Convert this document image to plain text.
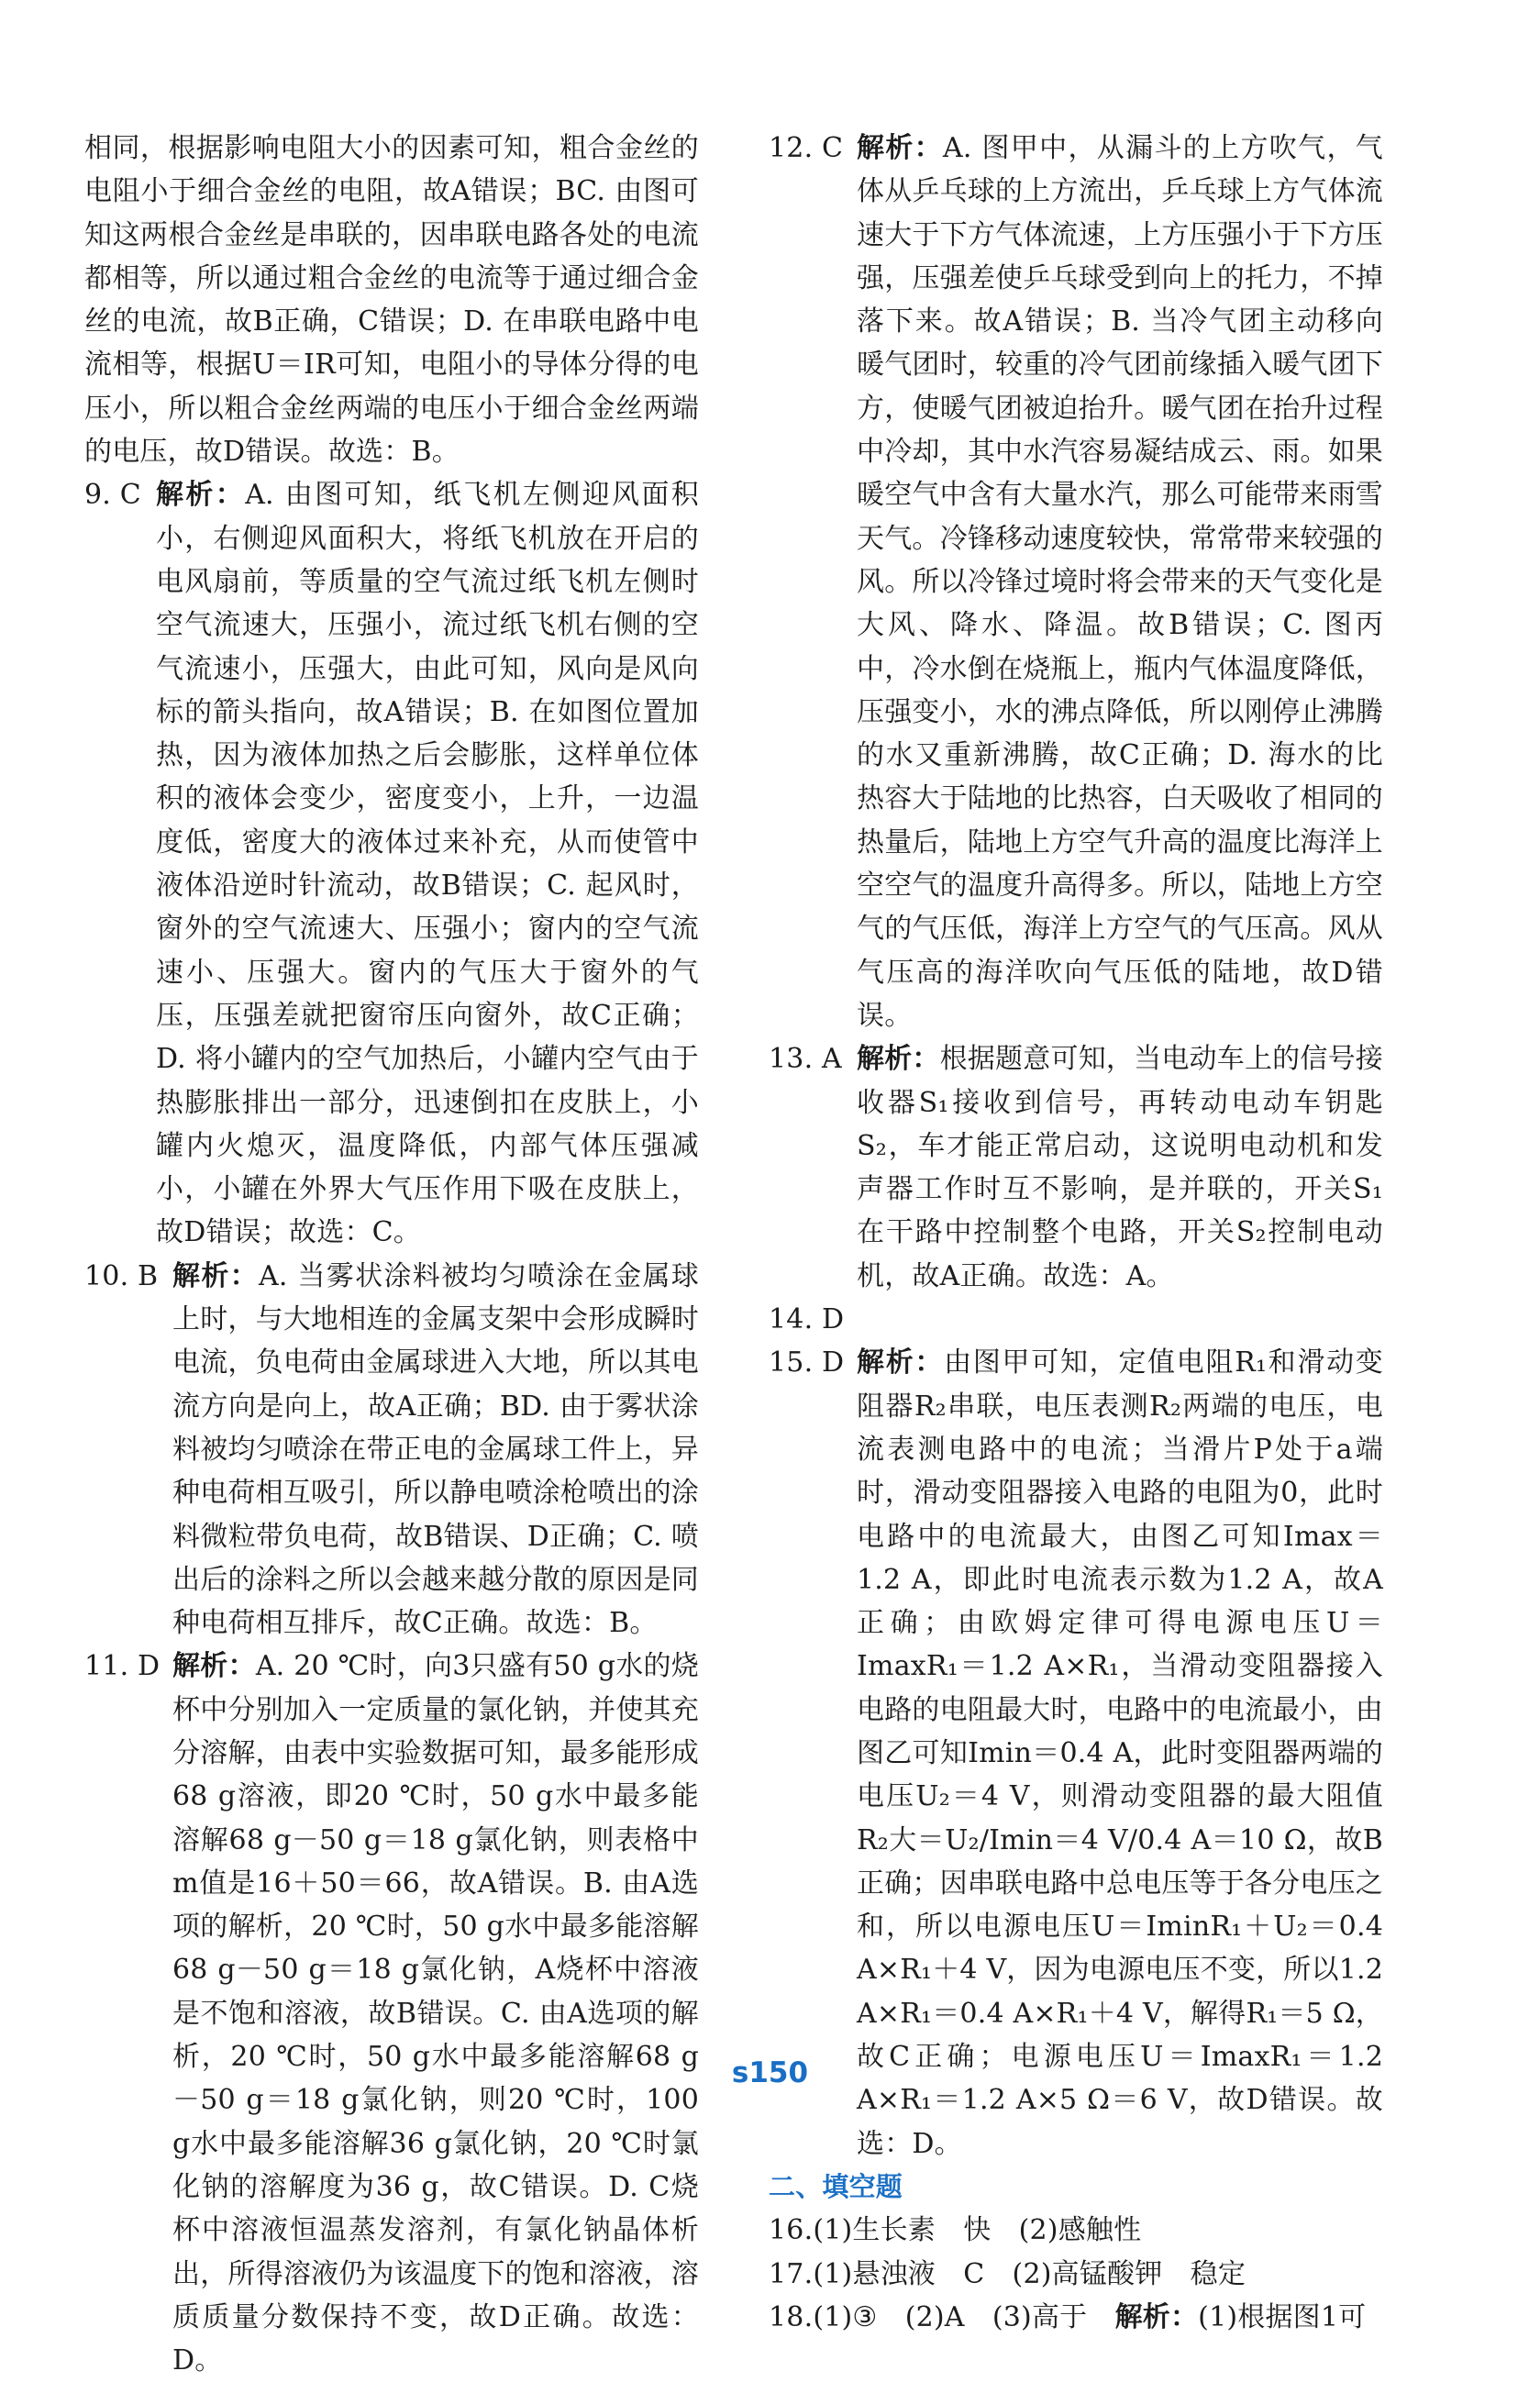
相同，根据影响电阻大小的因素可知，粗合金丝的电阻小于细合金丝的电阻，故A错误；BC. 由图可知这两根合金丝是串联的，因串联电路各处的电流都相等，所以通过粗合金丝的电流等于通过细合金丝的电流，故B正确，C错误；D. 在串联电路中电流相等，根据U＝IR可知，电阻小的导体分得的电压小，所以粗合金丝两端的电压小于细合金丝两端的电压，故D错误。故选：B。

9. C 解析：A. 由图可知，纸飞机左侧迎风面积小，右侧迎风面积大，将纸飞机放在开启的电风扇前，等质量的空气流过纸飞机左侧时空气流速大，压强小，流过纸飞机右侧的空气流速小，压强大，由此可知，风向是风向标的箭头指向，故A错误；B. 在如图位置加热，因为液体加热之后会膨胀，这样单位体积的液体会变少，密度变小，上升，一边温度低，密度大的液体过来补充，从而使管中液体沿逆时针流动，故B错误；C. 起风时，窗外的空气流速大、压强小；窗内的空气流速小、压强大。窗内的气压大于窗外的气压，压强差就把窗帘压向窗外，故C正确；D. 将小罐内的空气加热后，小罐内空气由于热膨胀排出一部分，迅速倒扣在皮肤上，小罐内火熄灭，温度降低，内部气体压强减小，小罐在外界大气压作用下吸在皮肤上，故D错误；故选：C。
10. B 解析：A. 当雾状涂料被均匀喷涂在金属球上时，与大地相连的金属支架中会形成瞬时电流，负电荷由金属球进入大地，所以其电流方向是向上，故A正确；BD. 由于雾状涂料被均匀喷涂在带正电的金属球工件上，异种电荷相互吸引，所以静电喷涂枪喷出的涂料微粒带负电荷，故B错误、D正确；C. 喷出后的涂料之所以会越来越分散的原因是同种电荷相互排斥，故C正确。故选：B。
11. D 解析：A. 20 ℃时，向3只盛有50 g水的烧杯中分别加入一定质量的氯化钠，并使其充分溶解，由表中实验数据可知，最多能形成68 g溶液，即20 ℃时，50 g水中最多能溶解68 g－50 g＝18 g氯化钠，则表格中m值是16＋50＝66，故A错误。B. 由A选项的解析，20 ℃时，50 g水中最多能溶解68 g－50 g＝18 g氯化钠，A烧杯中溶液是不饱和溶液，故B错误。C. 由A选项的解析，20 ℃时，50 g水中最多能溶解68 g－50 g＝18 g氯化钠，则20 ℃时，100 g水中最多能溶解36 g氯化钠，20 ℃时氯化钠的溶解度为36 g，故C错误。D. C烧杯中溶液恒温蒸发溶剂，有氯化钠晶体析出，所得溶液仍为该温度下的饱和溶液，溶质质量分数保持不变，故D正确。故选：D。
12. C 解析：A. 图甲中，从漏斗的上方吹气，气体从乒乓球的上方流出，乒乓球上方气体流速大于下方气体流速，上方压强小于下方压强，压强差使乒乓球受到向上的托力，不掉落下来。故A错误；B. 当冷气团主动移向暖气团时，较重的冷气团前缘插入暖气团下方，使暖气团被迫抬升。暖气团在抬升过程中冷却，其中水汽容易凝结成云、雨。如果暖空气中含有大量水汽，那么可能带来雨雪天气。冷锋移动速度较快，常常带来较强的风。所以冷锋过境时将会带来的天气变化是大风、降水、降温。故B错误；C. 图丙中，冷水倒在烧瓶上，瓶内气体温度降低，压强变小，水的沸点降低，所以刚停止沸腾的水又重新沸腾，故C正确；D. 海水的比热容大于陆地的比热容，白天吸收了相同的热量后，陆地上方空气升高的温度比海洋上空空气的温度升高得多。所以，陆地上方空气的气压低，海洋上方空气的气压高。风从气压高的海洋吹向气压低的陆地，故D错误。
13. A 解析：根据题意可知，当电动车上的信号接收器S₁接收到信号，再转动电动车钥匙S₂，车才能正常启动，这说明电动机和发声器工作时互不影响，是并联的，开关S₁在干路中控制整个电路，开关S₂控制电动机，故A正确。故选：A。
14. D
15. D 解析：由图甲可知，定值电阻R₁和滑动变阻器R₂串联，电压表测R₂两端的电压，电流表测电路中的电流；当滑片P处于a端时，滑动变阻器接入电路的电阻为0，此时电路中的电流最大，由图乙可知Imax＝1.2 A，即此时电流表示数为1.2 A，故A正确；由欧姆定律可得电源电压U＝ImaxR₁＝1.2 A×R₁，当滑动变阻器接入电路的电阻最大时，电路中的电流最小，由图乙可知Imin＝0.4 A，此时变阻器两端的电压U₂＝4 V，则滑动变阻器的最大阻值R₂大＝U₂/Imin＝4 V/0.4 A＝10 Ω，故B正确；因串联电路中总电压等于各分电压之和，所以电源电压U＝IminR₁＋U₂＝0.4 A×R₁＋4 V，因为电源电压不变，所以1.2 A×R₁＝0.4 A×R₁＋4 V，解得R₁＝5 Ω，故C正确；电源电压U＝ImaxR₁＝1.2 A×R₁＝1.2 A×5 Ω＝6 V，故D错误。故选：D。

二、填空题

16.(1)生长素　快　(2)感触性

17.(1)悬浊液　C　(2)高锰酸钾　稳定

18.(1)③　(2)A　(3)高于　解析：(1)根据图1可

s150
